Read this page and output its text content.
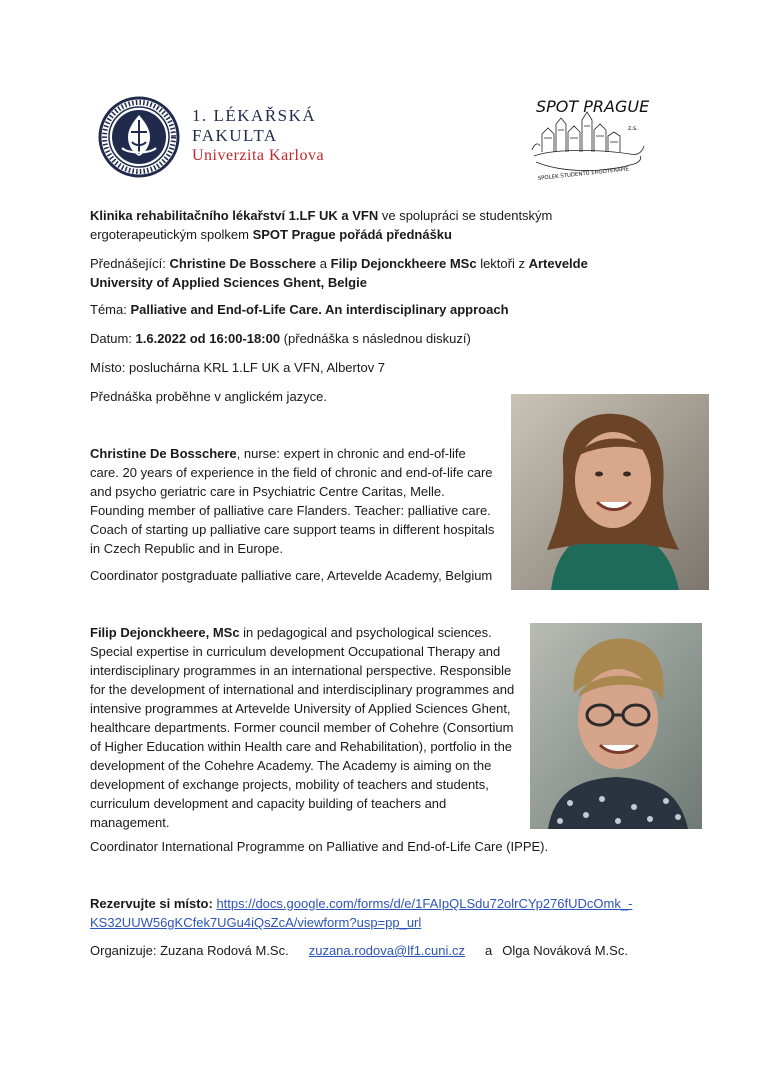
1. LÉKAŘSKÁ
FAKULTA
Univerzita Karlova
SPOT PRAGUE
z.s.
SPOLEK STUDENTŮ ERGOTERAPIE
Klinika rehabilitačního lékařství 1.LF UK a VFN ve spolupráci se studentským ergoterapeutickým spolkem SPOT Prague pořádá přednášku
Přednášející: Christine De Bosschere a Filip Dejonckheere MSc lektoři z Artevelde University of Applied Sciences Ghent, Belgie
Téma: Palliative and End-of-Life Care. An interdisciplinary approach
Datum: 1.6.2022 od 16:00-18:00 (přednáška s následnou diskuzí)
Místo: posluchárna KRL 1.LF UK a VFN, Albertov 7
Přednáška proběhne v anglickém jazyce.
Christine De Bosschere, nurse: expert in chronic and end-of-life care. 20 years of experience in the field of chronic and end-of-life care and psycho geriatric care in Psychiatric Centre Caritas, Melle. Founding member of palliative care Flanders. Teacher: palliative care. Coach of starting up palliative care support teams in different hospitals in Czech Republic and in Europe.
Coordinator postgraduate palliative care, Artevelde Academy, Belgium
Filip Dejonckheere, MSc in pedagogical and psychological sciences. Special expertise in curriculum development Occupational Therapy and interdisciplinary programmes in an international perspective. Responsible for the development of international and interdisciplinary programmes and intensive programmes at Artevelde University of Applied Sciences Ghent, healthcare departments. Former council member of Cohehre (Consortium of Higher Education within Health care and Rehabilitation), portfolio in the development of the Cohehre Academy. The Academy is aiming on the development of exchange projects, mobility of teachers and students, curriculum development and capacity building of teachers and management.
Coordinator International Programme on Palliative and End-of-Life Care (IPPE).
Rezervujte si místo: https://docs.google.com/forms/d/e/1FAIpQLSdu72olrCYp276fUDcOmk_-
KS32UUW56gKCfek7UGu4iQsZcA/viewform?usp=pp_url
Organizuje: Zuzana Rodová M.Sc. zuzana.rodova@lf1.cuni.cz a Olga Nováková M.Sc.
